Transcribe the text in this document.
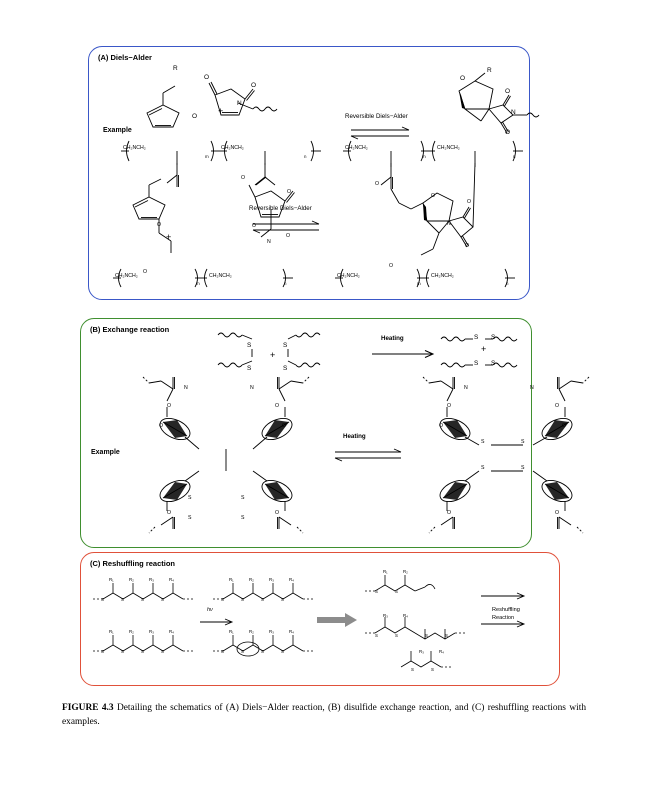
(A) Diels−Alder
R
O
O
O
N
+
Reversible Diels−Alder
R
O
O
O
N
Example
CH₂NCH₂
m
CH₂NCH₂
n
O	O
O
O
O
O
N
+
Reversible Diels−Alder
CH₂NCH₂
m
CH₂NCH₂
n
CH₂NCH₂
m
CH₂NCH₂
n
O
O
O
O
O
N
CH₂NCH₂
m
CH₂NCH₂
n
(B) Exchange reaction
S
S
S
S
+
Heating	S S
S S
+
Example
O
O
N
O
O
N
S	S
S	S
O	O
Heating
O
O
N
O
O
N
S	S
S	S
O	O
(C) Reshuffling reaction
R₁	R₂	R₃	R₄
S	S	S	S
R₁	R₂	R₃	R₄
S	S	S	S
hν
R₁	R₂	R₃	R₄
S	S	S	S
R₁	R₂	R₃	R₄
S	S	S	S
R₁	R₂
S	S
R₃	R₄
S	S	S	S
S	S
R₃	R₄
Reshuffling
Reaction
FIGURE 4.3 Detailing the schematics of (A) Diels−Alder reaction, (B) disulfide exchange reaction, and (C) reshuffling reactions with examples.
